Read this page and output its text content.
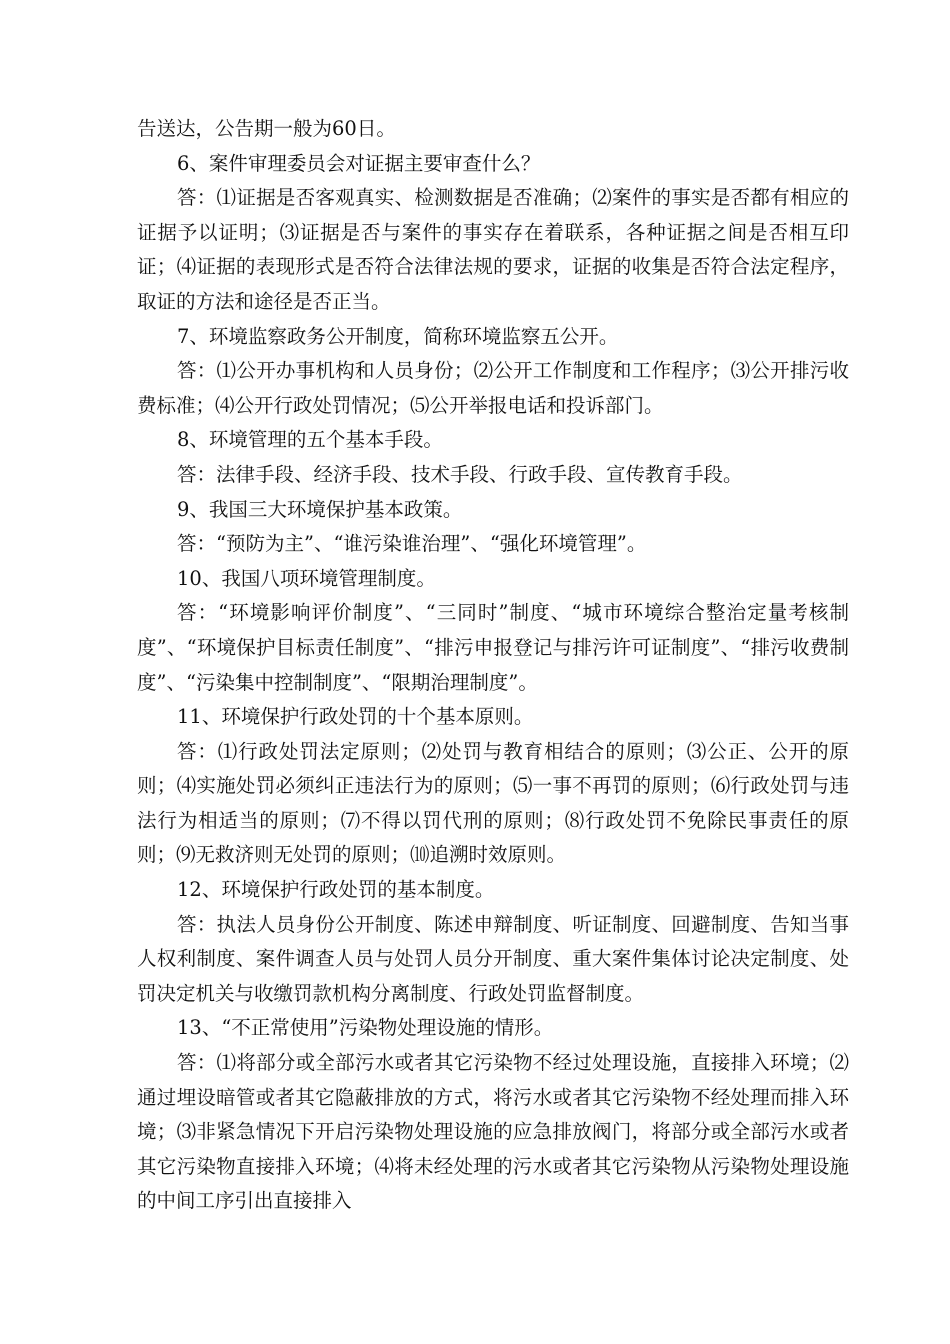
告送达，公告期一般为60日。

6、案件审理委员会对证据主要审查什么？

答：⑴证据是否客观真实、检测数据是否准确；⑵案件的事实是否都有相应的证据予以证明；⑶证据是否与案件的事实存在着联系，各种证据之间是否相互印证；⑷证据的表现形式是否符合法律法规的要求，证据的收集是否符合法定程序，取证的方法和途径是否正当。

7、环境监察政务公开制度，简称环境监察五公开。

答：⑴公开办事机构和人员身份；⑵公开工作制度和工作程序；⑶公开排污收费标准；⑷公开行政处罚情况；⑸公开举报电话和投诉部门。

8、环境管理的五个基本手段。

答：法律手段、经济手段、技术手段、行政手段、宣传教育手段。

9、我国三大环境保护基本政策。

答：“预防为主”、“谁污染谁治理”、“强化环境管理”。

10、我国八项环境管理制度。

答：“环境影响评价制度”、“三同时”制度、“城市环境综合整治定量考核制度”、“环境保护目标责任制度”、“排污申报登记与排污许可证制度”、“排污收费制度”、“污染集中控制制度”、“限期治理制度”。

11、环境保护行政处罚的十个基本原则。

答：⑴行政处罚法定原则；⑵处罚与教育相结合的原则；⑶公正、公开的原则；⑷实施处罚必须纠正违法行为的原则；⑸一事不再罚的原则；⑹行政处罚与违法行为相适当的原则；⑺不得以罚代刑的原则；⑻行政处罚不免除民事责任的原则；⑼无救济则无处罚的原则；⑽追溯时效原则。

12、环境保护行政处罚的基本制度。

答：执法人员身份公开制度、陈述申辩制度、听证制度、回避制度、告知当事人权利制度、案件调查人员与处罚人员分开制度、重大案件集体讨论决定制度、处罚决定机关与收缴罚款机构分离制度、行政处罚监督制度。

13、“不正常使用”污染物处理设施的情形。

答：⑴将部分或全部污水或者其它污染物不经过处理设施，直接排入环境；⑵通过埋设暗管或者其它隐蔽排放的方式，将污水或者其它污染物不经处理而排入环境；⑶非紧急情况下开启污染物处理设施的应急排放阀门，将部分或全部污水或者其它污染物直接排入环境；⑷将未经处理的污水或者其它污染物从污染物处理设施的中间工序引出直接排入
